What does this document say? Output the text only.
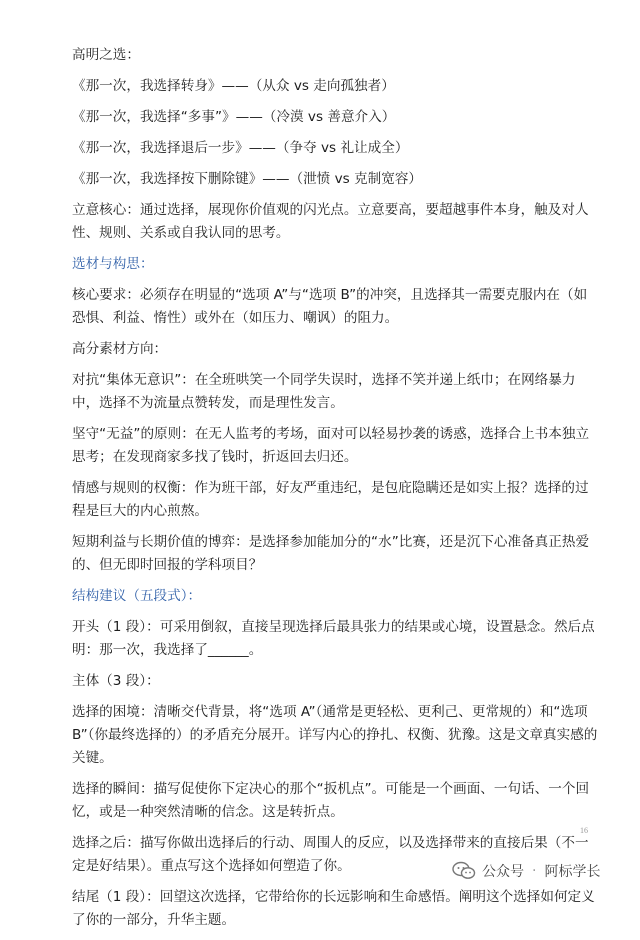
高明之选：

《那一次，我选择转身》——（从众 vs 走向孤独者）

《那一次，我选择“多事”》——（冷漠 vs 善意介入）

《那一次，我选择退后一步》——（争夺 vs 礼让成全）

《那一次，我选择按下删除键》——（泄愤 vs 克制宽容）

立意核心：通过选择，展现你价值观的闪光点。立意要高，要超越事件本身，触及对人性、规则、关系或自我认同的思考。

选材与构思：

核心要求：必须存在明显的“选项 A”与“选项 B”的冲突，且选择其一需要克服内在（如恐惧、利益、惰性）或外在（如压力、嘲讽）的阻力。

高分素材方向：

对抗“集体无意识”：在全班哄笑一个同学失误时，选择不笑并递上纸巾；在网络暴力中，选择不为流量点赞转发，而是理性发言。

坚守“无益”的原则：在无人监考的考场，面对可以轻易抄袭的诱惑，选择合上书本独立思考；在发现商家多找了钱时，折返回去归还。

情感与规则的权衡：作为班干部，好友严重违纪，是包庇隐瞒还是如实上报？选择的过程是巨大的内心煎熬。

短期利益与长期价值的博弈：是选择参加能加分的“水”比赛，还是沉下心准备真正热爱的、但无即时回报的学科项目？

结构建议（五段式）：

开头（1 段）：可采用倒叙，直接呈现选择后最具张力的结果或心境，设置悬念。然后点明：那一次，我选择了______。

主体（3 段）：

选择的困境：清晰交代背景，将“选项 A”（通常是更轻松、更利己、更常规的）和“选项 B”（你最终选择的）的矛盾充分展开。详写内心的挣扎、权衡、犹豫。这是文章真实感的关键。

选择的瞬间：描写促使你下定决心的那个“扳机点”。可能是一个画面、一句话、一个回忆，或是一种突然清晰的信念。这是转折点。

选择之后：描写你做出选择后的行动、周围人的反应，以及选择带来的直接后果（不一定是好结果）。重点写这个选择如何塑造了你。

结尾（1 段）：回望这次选择，它带给你的长远影响和生命感悟。阐明这个选择如何定义了你的一部分，升华主题。

16
公众号 · 阿标学长
